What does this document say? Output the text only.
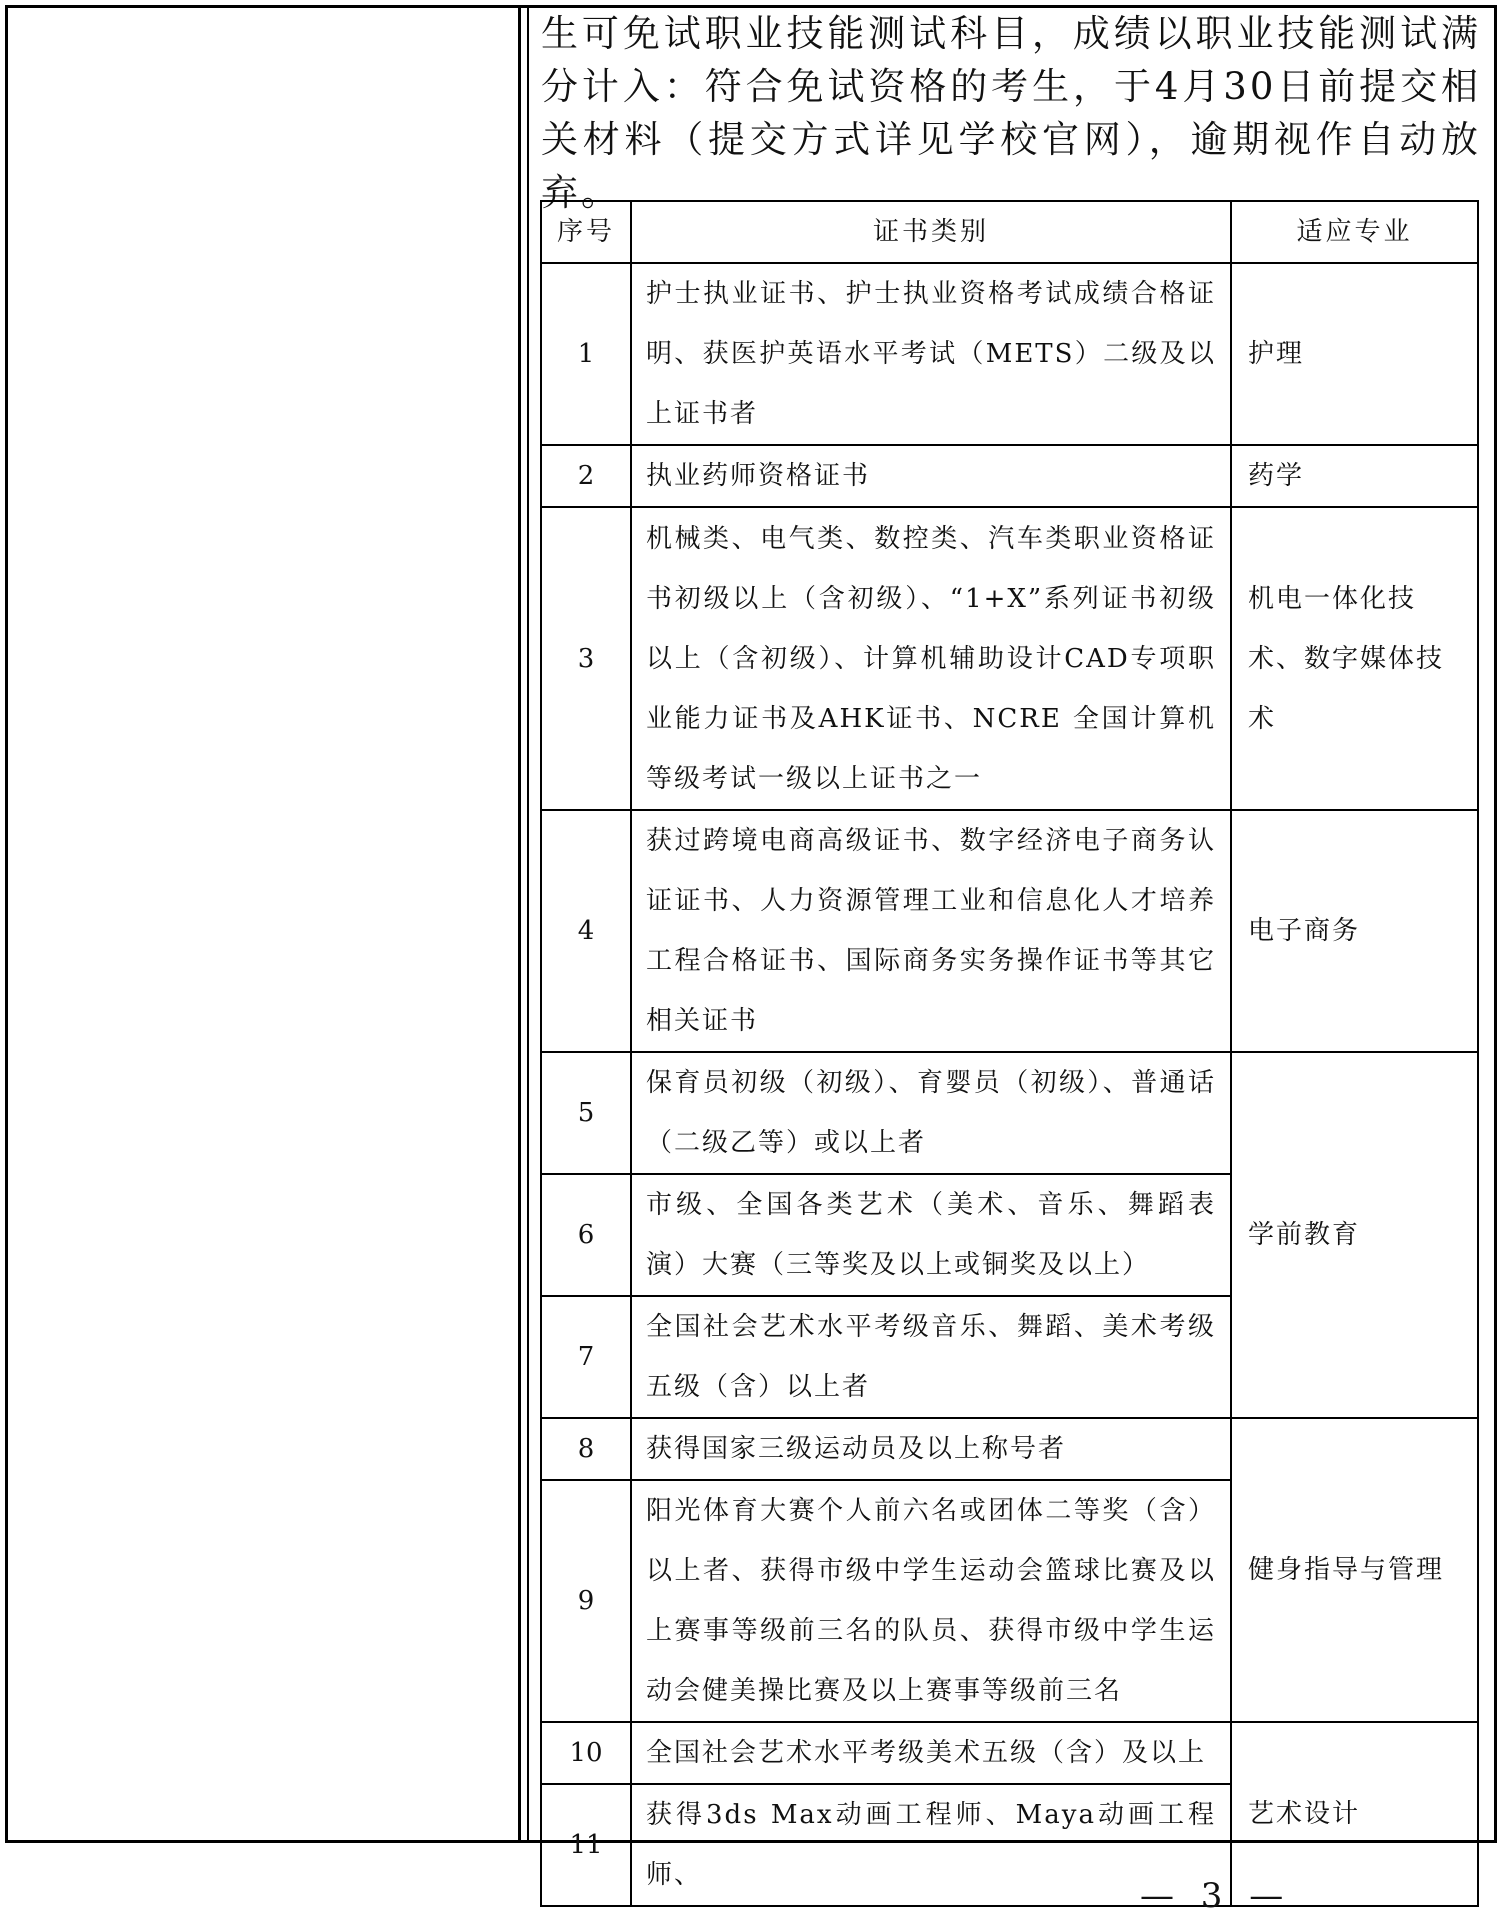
生可免试职业技能测试科目，成绩以职业技能测试满分计入：符合免试资格的考生，于4月30日前提交相关材料（提交方式详见学校官网），逾期视作自动放弃。

序号	证书类别	适应专业
1	护士执业证书、护士执业资格考试成绩合格证明、获医护英语水平考试（METS）二级及以上证书者	护理
2	执业药师资格证书	药学
3	机械类、电气类、数控类、汽车类职业资格证书初级以上（含初级）、“1+X”系列证书初级以上（含初级）、计算机辅助设计CAD专项职业能力证书及AHK证书、NCRE 全国计算机等级考试一级以上证书之一	机电一体化技术、数字媒体技术
4	获过跨境电商高级证书、数字经济电子商务认证证书、人力资源管理工业和信息化人才培养工程合格证书、国际商务实务操作证书等其它相关证书	电子商务
5	保育员初级（初级）、育婴员（初级）、普通话（二级乙等）或以上者	学前教育
6	市级、全国各类艺术（美术、音乐、舞蹈表演）大赛（三等奖及以上或铜奖及以上）	
7	全国社会艺术水平考级音乐、舞蹈、美术考级五级（含）以上者	
8	获得国家三级运动员及以上称号者	健身指导与管理
9	阳光体育大赛个人前六名或团体二等奖（含）以上者、获得市级中学生运动会篮球比赛及以上赛事等级前三名的队员、获得市级中学生运动会健美操比赛及以上赛事等级前三名	
10	全国社会艺术水平考级美术五级（含）及以上	艺术设计
11	获得3ds Max动画工程师、Maya动画工程师、	
— 3 —
